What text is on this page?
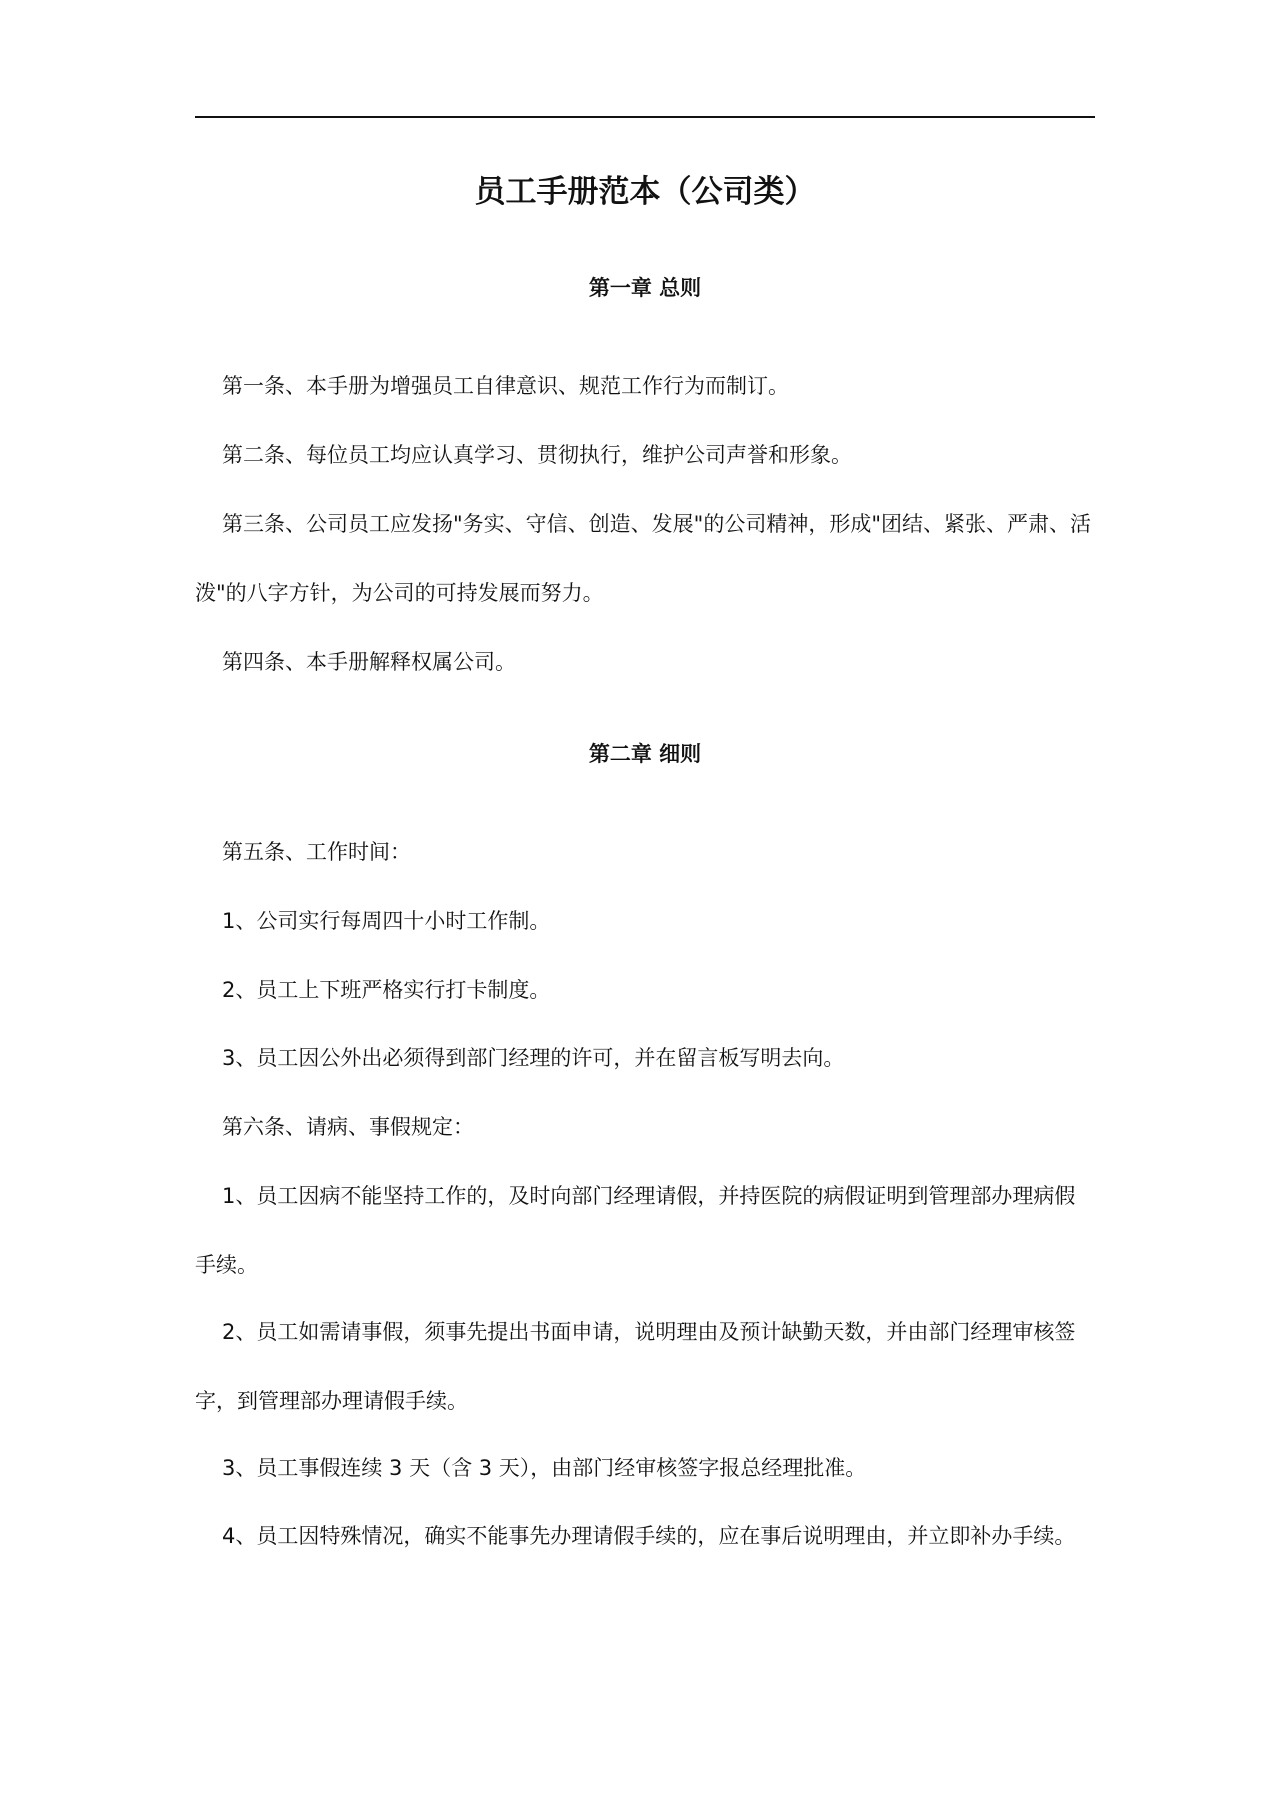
员工手册范本（公司类）
第一章 总则

第一条、本手册为增强员工自律意识、规范工作行为而制订。

第二条、每位员工均应认真学习、贯彻执行，维护公司声誉和形象。

第三条、公司员工应发扬"务实、守信、创造、发展"的公司精神，形成"团结、紧张、严肃、活泼"的八字方针，为公司的可持发展而努力。

第四条、本手册解释权属公司。

第二章 细则

第五条、工作时间：

1、公司实行每周四十小时工作制。

2、员工上下班严格实行打卡制度。

3、员工因公外出必须得到部门经理的许可，并在留言板写明去向。

第六条、请病、事假规定：

1、员工因病不能坚持工作的，及时向部门经理请假，并持医院的病假证明到管理部办理病假手续。

2、员工如需请事假，须事先提出书面申请，说明理由及预计缺勤天数，并由部门经理审核签字，到管理部办理请假手续。

3、员工事假连续 3 天（含 3 天），由部门经审核签字报总经理批准。

4、员工因特殊情况，确实不能事先办理请假手续的，应在事后说明理由，并立即补办手续。
